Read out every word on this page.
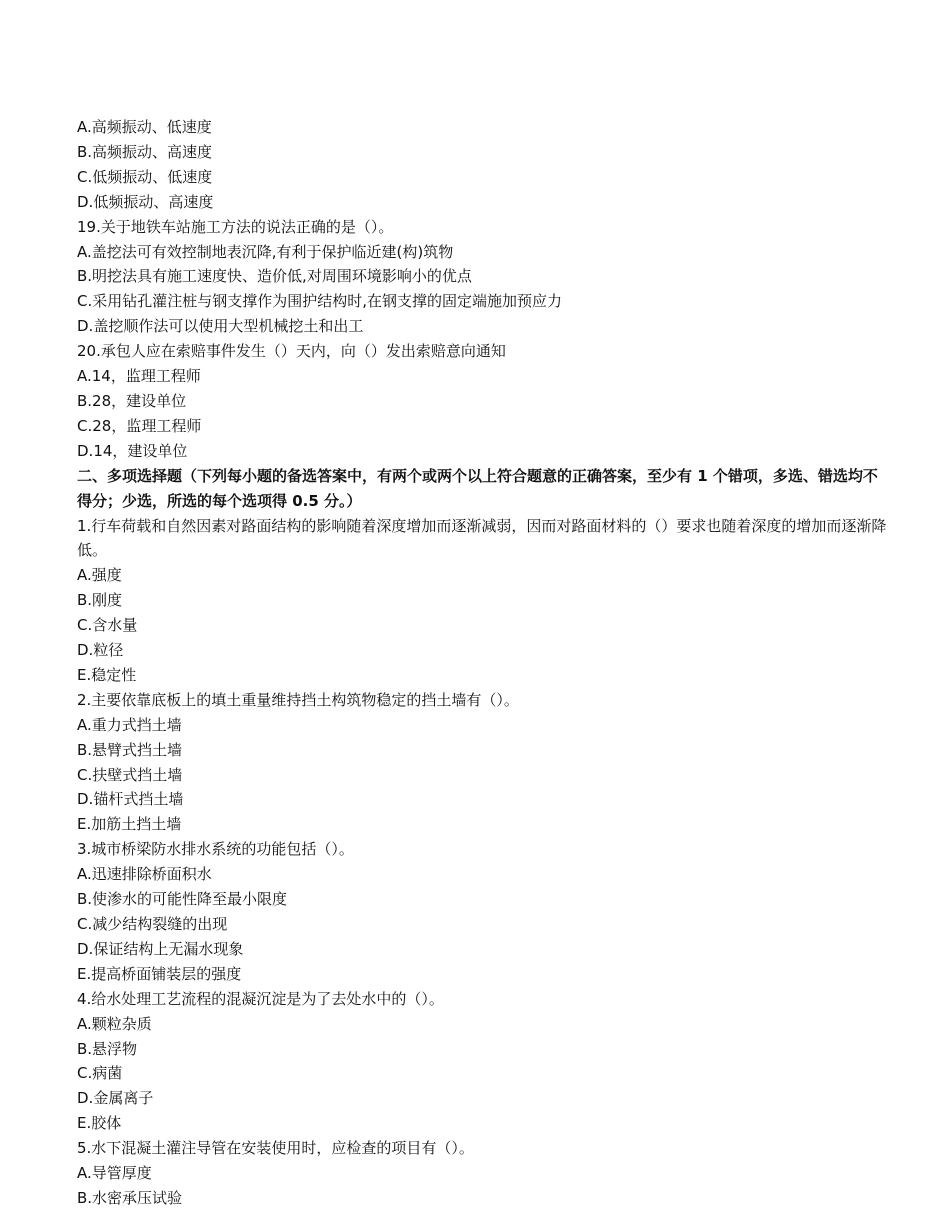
A.高频振动、低速度
B.高频振动、高速度
C.低频振动、低速度
D.低频振动、高速度
19.关于地铁车站施工方法的说法正确的是（）。
A.盖挖法可有效控制地表沉降,有利于保护临近建(构)筑物
B.明挖法具有施工速度快、造价低,对周围环境影响小的优点
C.采用钻孔灌注桩与钢支撑作为围护结构时,在钢支撑的固定端施加预应力
D.盖挖顺作法可以使用大型机械挖土和出工
20.承包人应在索赔事件发生（）天内，向（）发出索赔意向通知
A.14，监理工程师
B.28，建设单位
C.28，监理工程师
D.14，建设单位
二、多项选择题（下列每小题的备选答案中，有两个或两个以上符合题意的正确答案，至少有 1 个错项，多选、错选均不得分；少选，所选的每个选项得 0.5 分。）
1.行车荷载和自然因素对路面结构的影响随着深度增加而逐渐减弱，因而对路面材料的（）要求也随着深度的增加而逐渐降低。
A.强度
B.刚度
C.含水量
D.粒径
E.稳定性
2.主要依靠底板上的填土重量维持挡土构筑物稳定的挡土墙有（）。
A.重力式挡土墙
B.悬臂式挡土墙
C.扶壁式挡土墙
D.锚杆式挡土墙
E.加筋土挡土墙
3.城市桥梁防水排水系统的功能包括（）。
A.迅速排除桥面积水
B.使渗水的可能性降至最小限度
C.减少结构裂缝的出现
D.保证结构上无漏水现象
E.提高桥面铺装层的强度
4.给水处理工艺流程的混凝沉淀是为了去处水中的（）。
A.颗粒杂质
B.悬浮物
C.病菌
D.金属离子
E.胶体
5.水下混凝土灌注导管在安装使用时，应检查的项目有（）。
A.导管厚度
B.水密承压试验
